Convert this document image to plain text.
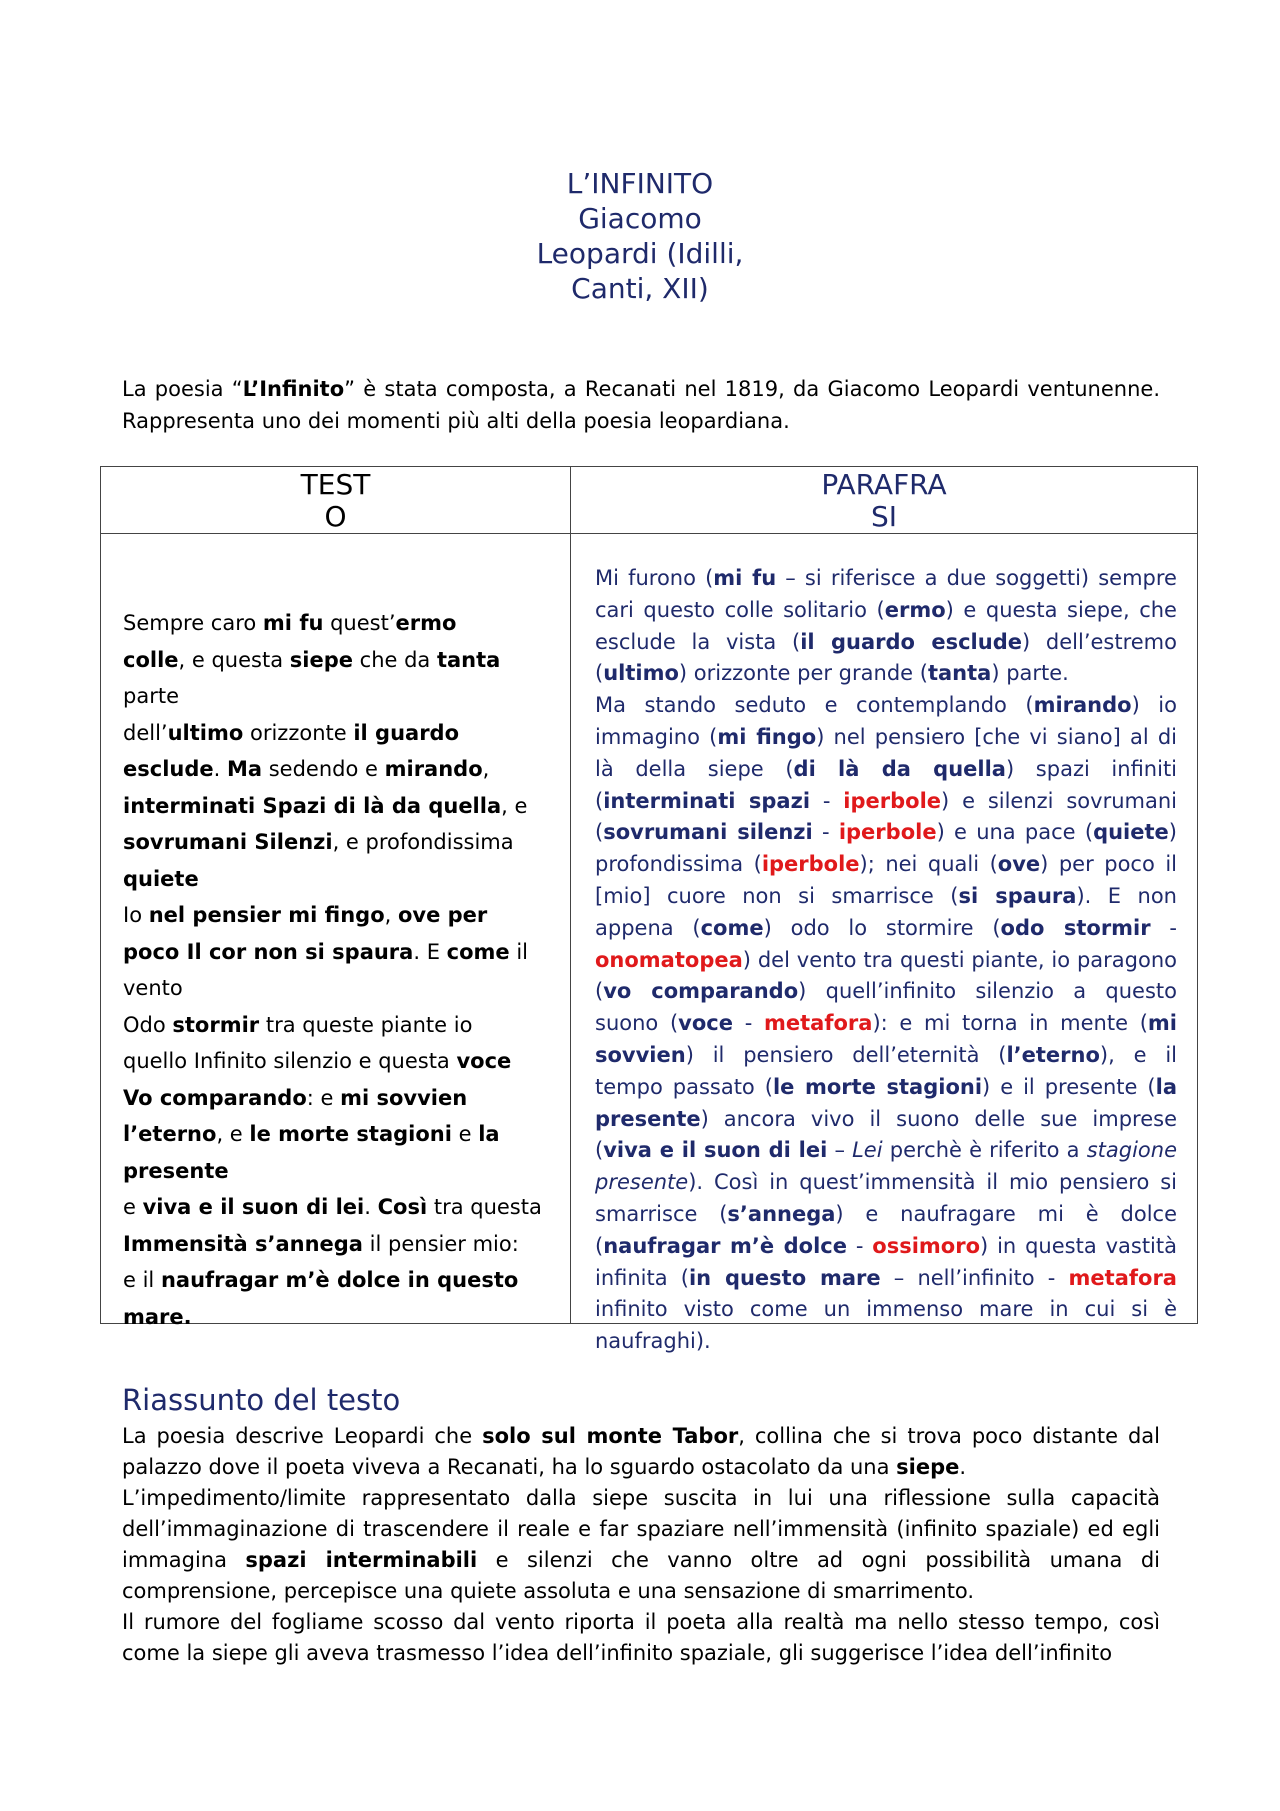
L’INFINITO
Giacomo
Leopardi (Idilli,
Canti, XII)
La poesia “L’Infinito” è stata composta, a Recanati nel 1819, da Giacomo Leopardi ventunenne. Rappresenta uno dei momenti più alti della poesia leopardiana.
TEST
O
PARAFRA
SI
Sempre caro mi fu quest’ermo
colle, e questa siepe che da tanta
parte
dell’ultimo orizzonte il guardo
esclude. Ma sedendo e mirando,
interminati Spazi di là da quella, e
sovrumani Silenzi, e profondissima
quiete
Io nel pensier mi fingo, ove per
poco Il cor non si spaura. E come il
vento
Odo stormir tra queste piante io
quello Infinito silenzio e questa voce
Vo comparando: e mi sovvien
l’eterno, e le morte stagioni e la
presente
e viva e il suon di lei. Così tra questa
Immensità s’annega il pensier mio:
e il naufragar m’è dolce in questo mare.
Mi furono (mi fu – si riferisce a due soggetti) sempre cari questo colle solitario (ermo) e questa siepe, che esclude la vista (il guardo esclude) dell’estremo (ultimo) orizzonte per grande (tanta) parte.
Ma stando seduto e contemplando (mirando) io immagino (mi fingo) nel pensiero [che vi siano] al di là della siepe (di là da quella) spazi infiniti (interminati spazi - iperbole) e silenzi sovrumani (sovrumani silenzi - iperbole) e una pace (quiete) profondissima (iperbole); nei quali (ove) per poco il [mio] cuore non si smarrisce (si spaura). E non appena (come) odo lo stormire (odo stormir - onomatopea) del vento tra questi piante, io paragono (vo comparando) quell’infinito silenzio a questo suono (voce - metafora): e mi torna in mente (mi sovvien) il pensiero dell’eternità (l’eterno), e il tempo passato (le morte stagioni) e il presente (la presente) ancora vivo il suono delle sue imprese (viva e il suon di lei – Lei perchè è riferito a stagione presente). Così in quest’immensità il mio pensiero si smarrisce (s’annega) e naufragare mi è dolce (naufragar m’è dolce - ossimoro) in questa vastità infinita (in questo mare – nell’infinito - metafora infinito visto come un immenso mare in cui si è naufraghi).
Riassunto del testo

La poesia descrive Leopardi che solo sul monte Tabor, collina che si trova poco distante dal palazzo dove il poeta viveva a Recanati, ha lo sguardo ostacolato da una siepe.

L’impedimento/limite rappresentato dalla siepe suscita in lui una riflessione sulla capacità dell’immaginazione di trascendere il reale e far spaziare nell’immensità (infinito spaziale) ed egli immagina spazi interminabili e silenzi che vanno oltre ad ogni possibilità umana di comprensione, percepisce una quiete assoluta e una sensazione di smarrimento.

Il rumore del fogliame scosso dal vento riporta il poeta alla realtà ma nello stesso tempo, così come la siepe gli aveva trasmesso l’idea dell’infinito spaziale, gli suggerisce l’idea dell’infinito
